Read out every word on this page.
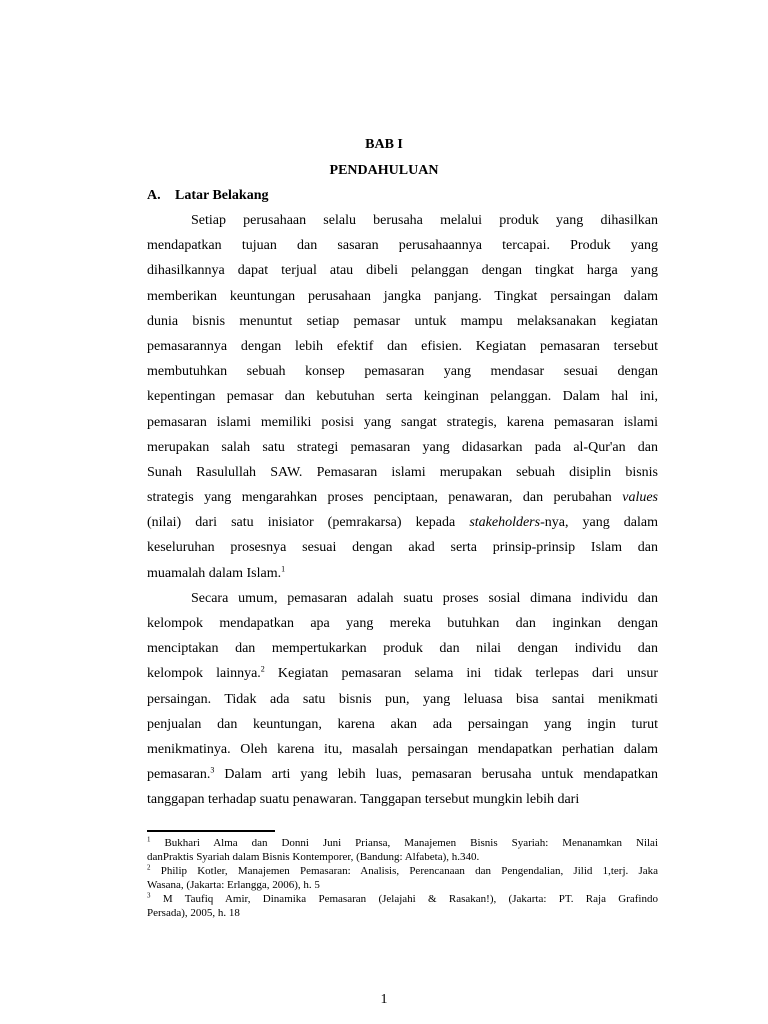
BAB I
PENDAHULUAN
A. Latar Belakang
Setiap perusahaan selalu berusaha melalui produk yang dihasilkan
mendapatkan tujuan dan sasaran perusahaannya tercapai. Produk yang
dihasilkannya dapat terjual atau dibeli pelanggan dengan tingkat harga yang
memberikan keuntungan perusahaan jangka panjang. Tingkat persaingan dalam
dunia bisnis menuntut setiap pemasar untuk mampu melaksanakan kegiatan
pemasarannya dengan lebih efektif dan efisien. Kegiatan pemasaran tersebut
membutuhkan sebuah konsep pemasaran yang mendasar sesuai dengan
kepentingan pemasar dan kebutuhan serta keinginan pelanggan. Dalam hal ini,
pemasaran islami memiliki posisi yang sangat strategis, karena pemasaran islami
merupakan salah satu strategi pemasaran yang didasarkan pada al-Qur'an dan
Sunah Rasulullah SAW. Pemasaran islami merupakan sebuah disiplin bisnis
strategis yang mengarahkan proses penciptaan, penawaran, dan perubahan values
(nilai) dari satu inisiator (pemrakarsa) kepada stakeholders-nya, yang dalam
keseluruhan prosesnya sesuai dengan akad serta prinsip-prinsip Islam dan
muamalah dalam Islam.$^1$
Secara umum, pemasaran adalah suatu proses sosial dimana individu dan
kelompok mendapatkan apa yang mereka butuhkan dan inginkan dengan
menciptakan dan mempertukarkan produk dan nilai dengan individu dan
kelompok lainnya.$^2$ Kegiatan pemasaran selama ini tidak terlepas dari unsur
persaingan. Tidak ada satu bisnis pun, yang leluasa bisa santai menikmati
penjualan dan keuntungan, karena akan ada persaingan yang ingin turut
menikmatinya. Oleh karena itu, masalah persaingan mendapatkan perhatian dalam
pemasaran.$^3$ Dalam arti yang lebih luas, pemasaran berusaha untuk mendapatkan
tanggapan terhadap suatu penawaran. Tanggapan tersebut mungkin lebih dari
$^1$ Bukhari Alma dan Donni Juni Priansa, Manajemen Bisnis Syariah: Menanamkan Nilai
danPraktis Syariah dalam Bisnis Kontemporer, (Bandung: Alfabeta), h.340.
$^2$ Philip Kotler, Manajemen Pemasaran: Analisis, Perencanaan dan Pengendalian, Jilid 1,terj. Jaka
Wasana, (Jakarta: Erlangga, 2006), h. 5
$^3$ M Taufiq Amir, Dinamika Pemasaran (Jelajahi & Rasakan!), (Jakarta: PT. Raja Grafindo
Persada), 2005, h. 18
1
